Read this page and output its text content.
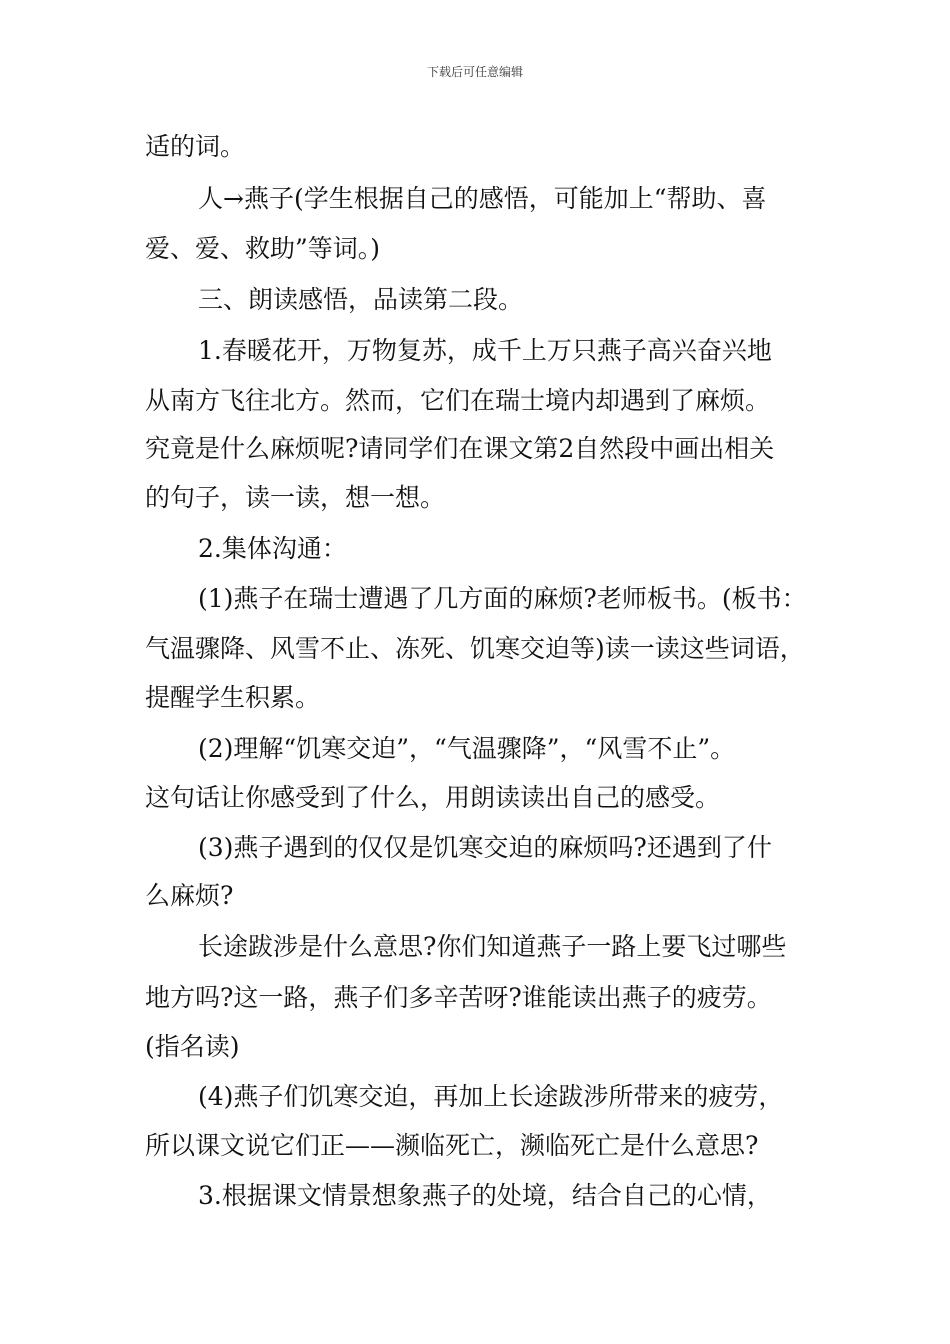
下载后可任意编辑
适的词。
人→燕子(学生根据自己的感悟，可能加上“帮助、喜
爱、爱、救助”等词。)
三、朗读感悟，品读第二段。
1.春暖花开，万物复苏，成千上万只燕子高兴奋兴地
从南方飞往北方。然而，它们在瑞士境内却遇到了麻烦。
究竟是什么麻烦呢?请同学们在课文第2自然段中画出相关
的句子，读一读，想一想。
2.集体沟通：
(1)燕子在瑞士遭遇了几方面的麻烦?老师板书。(板书：
气温骤降、风雪不止、冻死、饥寒交迫等)读一读这些词语，
提醒学生积累。
(2)理解“饥寒交迫”，“气温骤降”，“风雪不止”。
这句话让你感受到了什么，用朗读读出自己的感受。
(3)燕子遇到的仅仅是饥寒交迫的麻烦吗?还遇到了什
么麻烦?
长途跋涉是什么意思?你们知道燕子一路上要飞过哪些
地方吗?这一路，燕子们多辛苦呀?谁能读出燕子的疲劳。
(指名读)
(4)燕子们饥寒交迫，再加上长途跋涉所带来的疲劳，
所以课文说它们正——濒临死亡，濒临死亡是什么意思?
3.根据课文情景想象燕子的处境，结合自己的心情，
